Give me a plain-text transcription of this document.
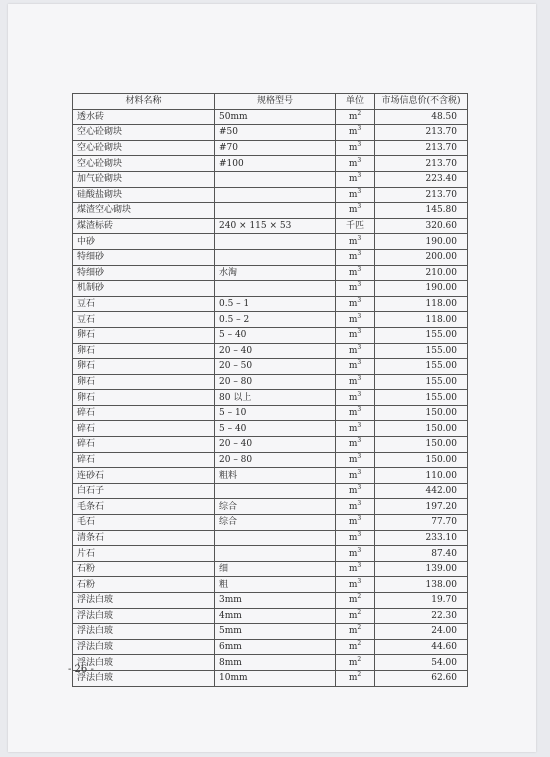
材料名称	规格型号	单位	市场信息价(不含税)
透水砖	50mm	$m^2$	48.50
空心砼砌块	#50	$m^3$	213.70
空心砼砌块	#70	$m^3$	213.70
空心砼砌块	#100	$m^3$	213.70
加气砼砌块		$m^3$	223.40
硅酸盐砌块		$m^3$	213.70
煤渣空心砌块		$m^3$	145.80
煤渣标砖	240 × 115 × 53	千匹	320.60
中砂		$m^3$	190.00
特细砂		$m^3$	200.00
特细砂	水淘	$m^3$	210.00
机制砂		$m^3$	190.00
豆石	0.5 – 1	$m^3$	118.00
豆石	0.5 – 2	$m^3$	118.00
卵石	5 – 40	$m^3$	155.00
卵石	20 – 40	$m^3$	155.00
卵石	20 – 50	$m^3$	155.00
卵石	20 – 80	$m^3$	155.00
卵石	80 以上	$m^3$	155.00
碎石	5 – 10	$m^3$	150.00
碎石	5 – 40	$m^3$	150.00
碎石	20 – 40	$m^3$	150.00
碎石	20 – 80	$m^3$	150.00
连砂石	粗料	$m^3$	110.00
白石子		$m^3$	442.00
毛条石	综合	$m^3$	197.20
毛石	综合	$m^3$	77.70
清条石		$m^3$	233.10
片石		$m^3$	87.40
石粉	细	$m^3$	139.00
石粉	粗	$m^3$	138.00
浮法白玻	3mm	$m^2$	19.70
浮法白玻	4mm	$m^2$	22.30
浮法白玻	5mm	$m^2$	24.00
浮法白玻	6mm	$m^2$	44.60
浮法白玻	8mm	$m^2$	54.00
浮法白玻	10mm	$m^2$	62.60
- 26 -
